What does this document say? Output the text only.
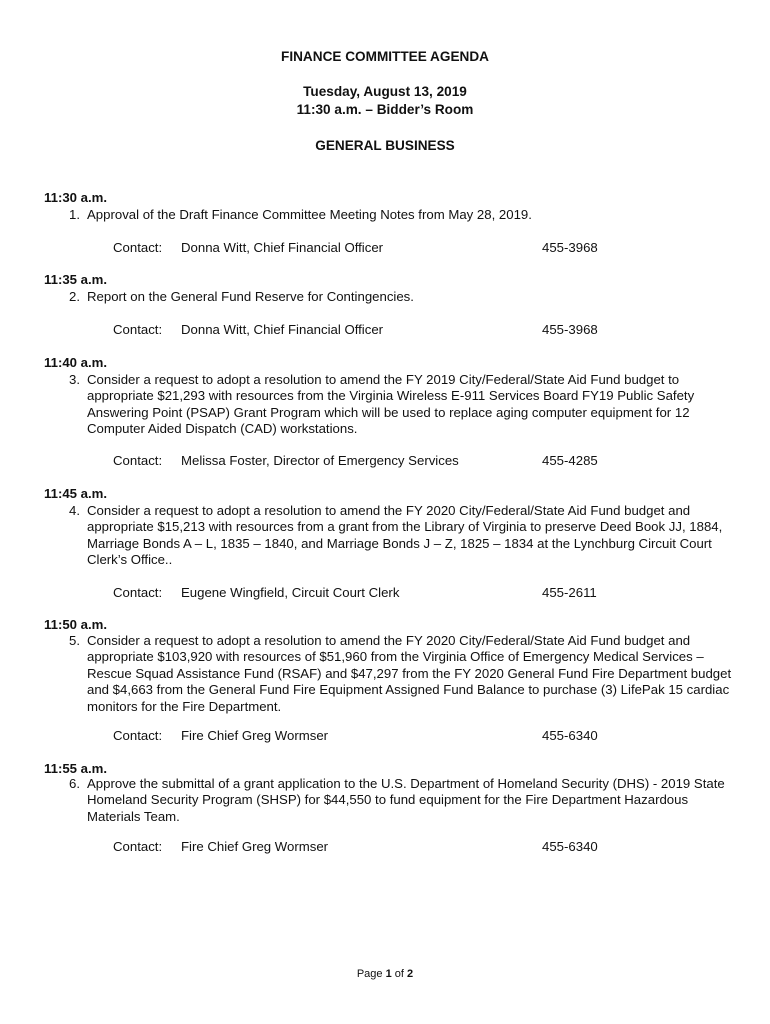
FINANCE COMMITTEE AGENDA
Tuesday, August 13, 2019
11:30 a.m. – Bidder’s Room
GENERAL BUSINESS
11:30 a.m.
1. Approval of the Draft Finance Committee Meeting Notes from May 28, 2019.
Contact: Donna Witt, Chief Financial Officer	455-3968
11:35 a.m.
2. Report on the General Fund Reserve for Contingencies.
Contact: Donna Witt, Chief Financial Officer	455-3968
11:40 a.m.
3. Consider a request to adopt a resolution to amend the FY 2019 City/Federal/State Aid Fund budget to appropriate $21,293 with resources from the Virginia Wireless E-911 Services Board FY19 Public Safety Answering Point (PSAP) Grant Program which will be used to replace aging computer equipment for 12 Computer Aided Dispatch (CAD) workstations.
Contact: Melissa Foster, Director of Emergency Services	455-4285
11:45 a.m.
4. Consider a request to adopt a resolution to amend the FY 2020 City/Federal/State Aid Fund budget and appropriate $15,213 with resources from a grant from the Library of Virginia to preserve Deed Book JJ, 1884, Marriage Bonds A – L, 1835 – 1840, and Marriage Bonds J – Z, 1825 – 1834 at the Lynchburg Circuit Court Clerk’s Office..
Contact: Eugene Wingfield, Circuit Court Clerk	455-2611
11:50 a.m.
5. Consider a request to adopt a resolution to amend the FY 2020 City/Federal/State Aid Fund budget and appropriate $103,920 with resources of $51,960 from the Virginia Office of Emergency Medical Services – Rescue Squad Assistance Fund (RSAF) and $47,297 from the FY 2020 General Fund Fire Department budget and $4,663 from the General Fund Fire Equipment Assigned Fund Balance to purchase (3) LifePak 15 cardiac monitors for the Fire Department.
Contact: Fire Chief Greg Wormser	455-6340
11:55 a.m.
6. Approve the submittal of a grant application to the U.S. Department of Homeland Security (DHS) - 2019 State Homeland Security Program (SHSP) for $44,550 to fund equipment for the Fire Department Hazardous Materials Team.
Contact: Fire Chief Greg Wormser	455-6340
Page 1 of 2
